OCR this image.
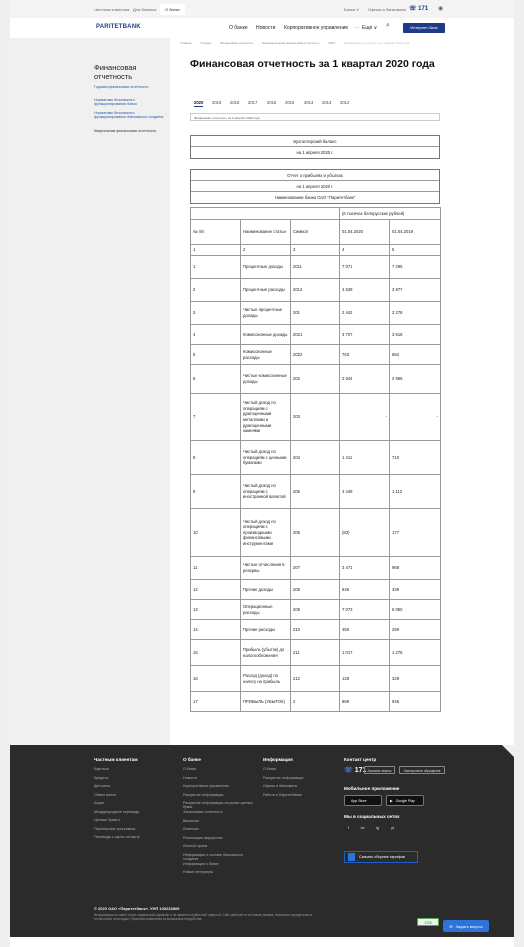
Частным клиентам Для бизнеса	О банке	Банки ∨ Офисы и банкоматы ☏ 171 ◉
PARITETBANK	О банке Новости Корпоративное управление ⋯ Ещё ∨ ⌕	Интернет-банк
Главная	О банке	Финансовая отчетность	Ежеквартальная финансовая отчетность	2020	Финансовая отчетность за 1 квартал 2020 года
Финансовая отчетность
Годовая финансовая отчетность
Нормативы безопасного функционирования банка
Нормативы безопасного функционирования банковского холдинга
Квартальная финансовая отчетность
Финансовая отчетность за 1 квартал 2020 года
2020 2019 2018 2017 2016 2015 2014 2013 2012
Финансовая отчетность за 1 квартал 2020 года
Бухгалтерский баланс
на 1 апреля 2020 г.
Отчет о прибылях и убытках
на 1 апреля 2020 г.
Наименование банка ОАО "Паритетбанк"
			(в тысячах белорусских рублей)	
№ п/п	Наименование статьи	Символ	01.04.2020	01.04.2019
1	2	3	4	5
1	Процентные доходы	2011	7 071	7 295
2	Процентные расходы	2012	4 629	3 977
3	Чистые процентные доходы	201	2 442	3 278
4	Комиссионные доходы	2021	3 707	3 618
5	Комиссионные расходы	2022	763	652
6	Чистые комиссионные доходы	202	2 944	2 966
7	Чистый доход по операциям с драгоценными металлами и драгоценными камнями	203	-	-
8	Чистый доход по операциям с ценными бумагами	204	1 411	710
9	Чистый доход по операциям с иностранной валютой	205	4 449	1 112
10	Чистый доход по операциям с производными финансовыми инструментами	206	(83)	177
11	Чистые отчисления в резервы	207	3 471	968
12	Прочие доходы	208	646	339
13	Операционные расходы	209	7 073	5 050
14	Прочие расходы	210	450	259
15	Прибыль (убыток) до налогообложения	211	1 017	1 275
16	Расход (доход) по налогу на прибыль	212	128	329
17	ПРИБЫЛЬ (УБЫТОК)	2	889	946
Частным клиентам	О банке	Информация	Контакт центр
Карточки
Кредиты
Депозиты
Обмен валют
Акции
Международные переводы
Ценные бумаги
Партнерские программы
Переводы с карты на карту
О банке
Новости
Корпоративное управление
Раскрытие информации
Раскрытие информации на рынке ценных бумаг
Финансовая отчетность
Вакансии
Лизензии
Реализация имущества
Личный прием
Информация о составе банковского холдинга
Информация о банке
Новые интерьеры
О банке
Раскрытие информации
Офисы и банкоматы
Работа в Паритетбанке
☏ 171 Заказать звонок	Электронное обращение
Мобильное приложение
App Store	▶ Google Play
Мы в социальных сетях
f	vk	ig	yt
Скачать сборник тарифов
© 2020 ОАО «Паритетбанк». УНП 100233809
Информация на сайте носит справочный характер и не является публичной офертой. Сайт работает в тестовом режиме, возможно определенные технические неполадки. Приносим извинения за возможные неудобства.
1702
✉ Задать вопрос
